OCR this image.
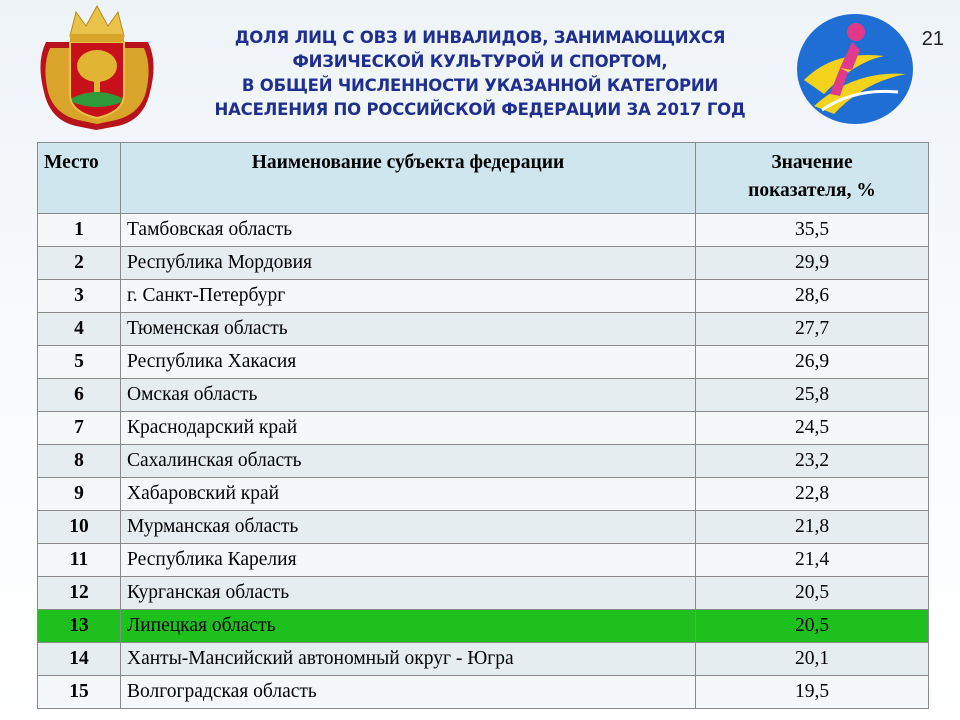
ДОЛЯ ЛИЦ С ОВЗ И ИНВАЛИДОВ, ЗАНИМАЮЩИХСЯ
ФИЗИЧЕСКОЙ КУЛЬТУРОЙ И СПОРТОМ,
В ОБЩЕЙ ЧИСЛЕННОСТИ УКАЗАННОЙ КАТЕГОРИИ
НАСЕЛЕНИЯ ПО РОССИЙСКОЙ ФЕДЕРАЦИИ ЗА 2017 ГОД
21
Место	Наименование субъекта федерации	Значение
показателя, %

1	Тамбовская область	35,5
2	Республика Мордовия	29,9
3	г. Санкт-Петербург	28,6
4	Тюменская область	27,7
5	Республика Хакасия	26,9
6	Омская область	25,8
7	Краснодарский край	24,5
8	Сахалинская область	23,2
9	Хабаровский край	22,8
10	Мурманская область	21,8
11	Республика Карелия	21,4
12	Курганская область	20,5
13	Липецкая область	20,5
14	Ханты-Мансийский автономный округ - Югра	20,1
15	Волгоградская область	19,5
